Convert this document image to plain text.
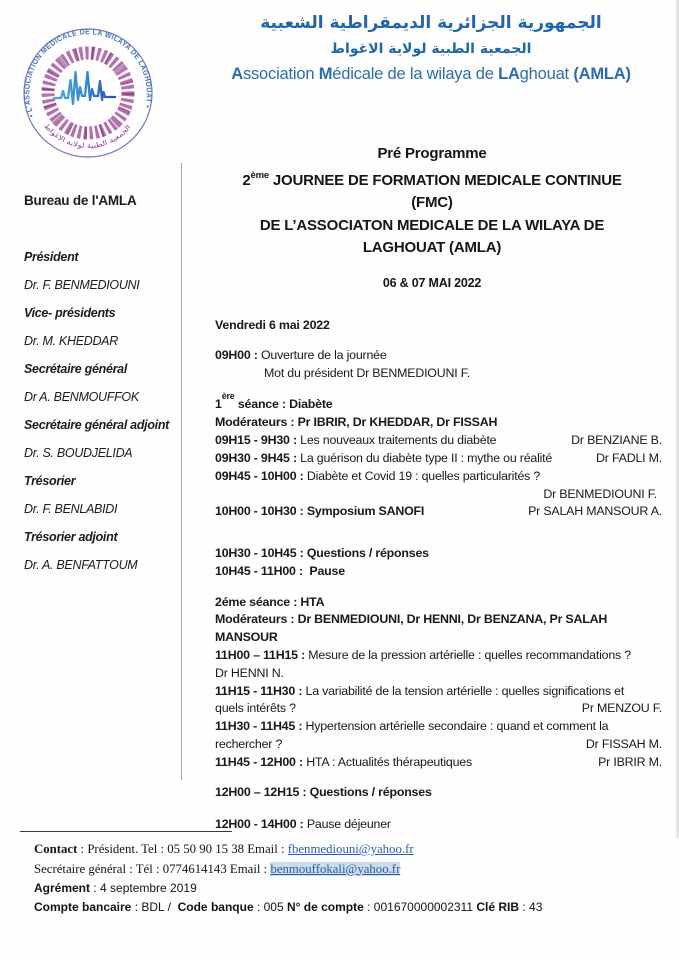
• L'ASSOCIATION MEDICALE DE LA WILAYA DE LAGHOUAT •
الجمعية الطبية لولاية الاغواط
الجمهورية الجزائرية الديمقراطية الشعبية
الجمعية الطبية لولاية الاغواط
Association Médicale de la wilaya de LAghouat (AMLA)
Pré Programme
2ème JOURNEE DE FORMATION MEDICALE CONTINUE
(FMC)
DE L’ASSOCIATON MEDICALE DE LA WILAYA DE
LAGHOUAT (AMLA)
06 & 07 MAI 2022
Bureau de l'AMLA
Président
Dr. F. BENMEDIOUNI
Vice- présidents
Dr. M. KHEDDAR
Secrétaire général
Dr A. BENMOUFFOK
Secrétaire général adjoint
Dr. S. BOUDJELIDA
Trésorier
Dr. F. BENLABIDI
Trésorier adjoint
Dr. A. BENFATTOUM
Vendredi 6 mai 2022
09H00 : Ouverture de la journée
Mot du président Dr BENMEDIOUNI F.
1ère séance : Diabète
Modérateurs : Pr IBRIR, Dr KHEDDAR, Dr FISSAH
09H15 - 9H30 : Les nouveaux traitements du diabète	Dr BENZIANE B.
09H30 - 9H45 : La guérison du diabète type II : mythe ou réalité	Dr FADLI M.
09H45 - 10H00 : Diabète et Covid 19 : quelles particularités ?
Dr BENMEDIOUNI F.
10H00 - 10H30 : Symposium SANOFI	Pr SALAH MANSOUR A.
10H30 - 10H45 : Questions / réponses
10H45 - 11H00 :  Pause
2éme séance : HTA
Modérateurs : Dr BENMEDIOUNI, Dr HENNI, Dr BENZANA, Pr SALAH
MANSOUR
11H00 – 11H15 : Mesure de la pression artérielle : quelles recommandations ?
Dr HENNI N.
11H15 - 11H30 : La variabilité de la tension artérielle : quelles significations et
quels intérêts ?	Pr MENZOU F.
11H30 - 11H45 : Hypertension artérielle secondaire : quand et comment la
rechercher ?	Dr FISSAH M.
11H45 - 12H00 : HTA : Actualités thérapeutiques	Pr IBRIR M.
12H00 – 12H15 : Questions / réponses
12H00 - 14H00 : Pause déjeuner
Contact : Président. Tel : 05 50 90 15 38 Email : fbenmediouni@yahoo.fr
Secrétaire général : Tél : 0774614143 Email : benmouffokali@yahoo.fr
Agrément : 4 septembre 2019
Compte bancaire : BDL /  Code banque : 005 N° de compte : 001670000002311 Clé RIB : 43
